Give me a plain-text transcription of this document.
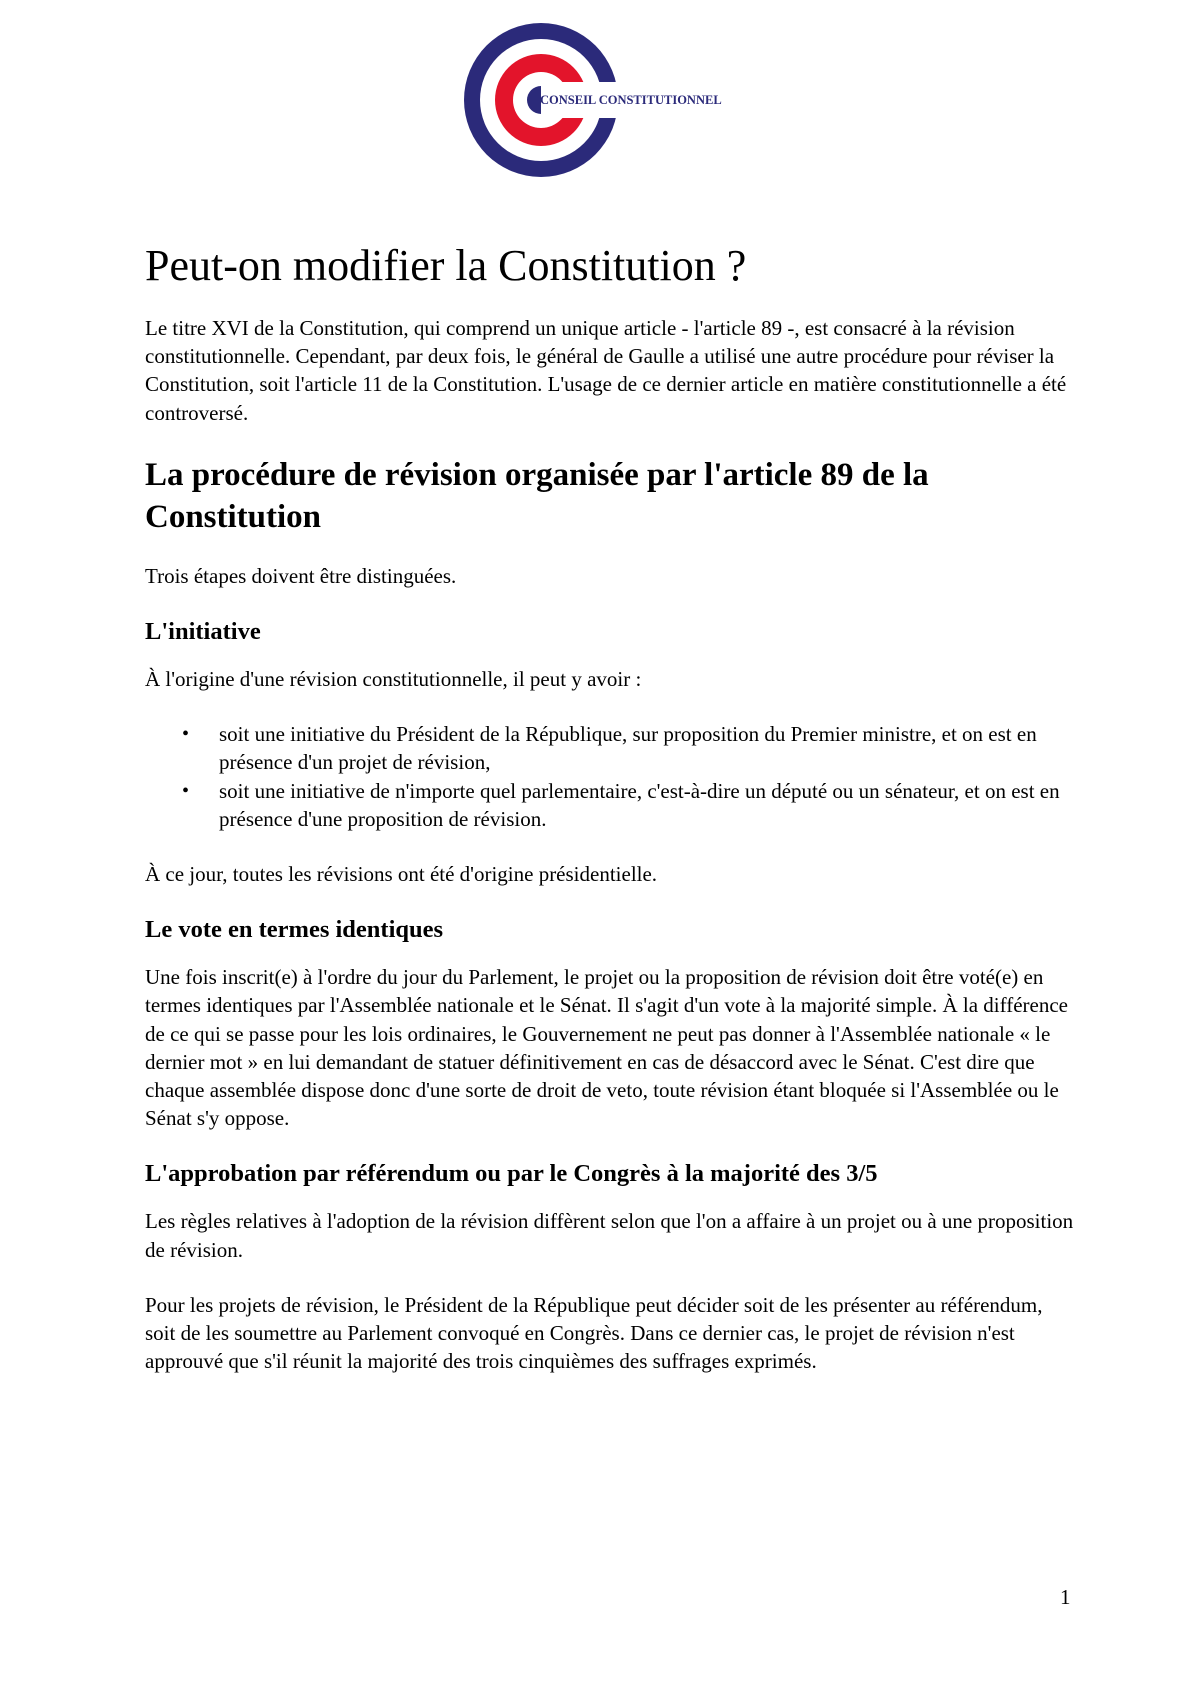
CONSEIL CONSTITUTIONNEL
Peut-on modifier la Constitution ?

Le titre XVI de la Constitution, qui comprend un unique article - l'article 89 -, est consacré à la révision constitutionnelle. Cependant, par deux fois, le général de Gaulle a utilisé une autre procédure pour réviser la Constitution, soit l'article 11 de la Constitution. L'usage de ce dernier article en matière constitutionnelle a été controversé.

La procédure de révision organisée par l'article 89 de la Constitution

Trois étapes doivent être distinguées.

L'initiative

À l'origine d'une révision constitutionnelle, il peut y avoir :

• soit une initiative du Président de la République, sur proposition du Premier ministre, et on est en présence d'un projet de révision,
• soit une initiative de n'importe quel parlementaire, c'est-à-dire un député ou un sénateur, et on est en présence d'une proposition de révision.

À ce jour, toutes les révisions ont été d'origine présidentielle.

Le vote en termes identiques

Une fois inscrit(e) à l'ordre du jour du Parlement, le projet ou la proposition de révision doit être voté(e) en termes identiques par l'Assemblée nationale et le Sénat. Il s'agit d'un vote à la majorité simple. À la différence de ce qui se passe pour les lois ordinaires, le Gouvernement ne peut pas donner à l'Assemblée nationale « le dernier mot » en lui demandant de statuer définitivement en cas de désaccord avec le Sénat. C'est dire que chaque assemblée dispose donc d'une sorte de droit de veto, toute révision étant bloquée si l'Assemblée ou le Sénat s'y oppose.

L'approbation par référendum ou par le Congrès à la majorité des 3/5

Les règles relatives à l'adoption de la révision diffèrent selon que l'on a affaire à un projet ou à une proposition de révision.

Pour les projets de révision, le Président de la République peut décider soit de les présenter au référendum, soit de les soumettre au Parlement convoqué en Congrès. Dans ce dernier cas, le projet de révision n'est approuvé que s'il réunit la majorité des trois cinquièmes des suffrages exprimés.

1
